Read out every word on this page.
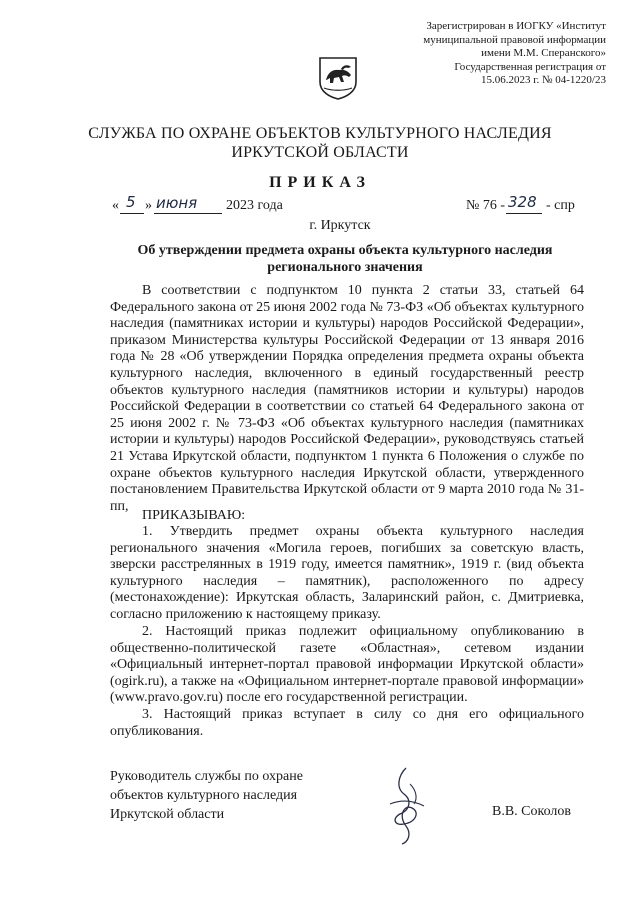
Зарегистрирован в ИОГКУ «Институт
муниципальной правовой информации
имени М.М. Сперанского»
Государственная регистрация от
15.06.2023 г. № 04-1220/23
СЛУЖБА ПО ОХРАНЕ ОБЪЕКТОВ КУЛЬТУРНОГО НАСЛЕДИЯ
ИРКУТСКОЙ ОБЛАСТИ
ПРИКАЗ
« 5 » июня 2023 года	№ 76 - 328 - спр
г. Иркутск
Об утверждении предмета охраны объекта культурного наследия
регионального значения
В соответствии с подпунктом 10 пункта 2 статьи 33, статьей 64 Федерального закона от 25 июня 2002 года № 73-ФЗ «Об объектах культурного наследия (памятниках истории и культуры) народов Российской Федерации», приказом Министерства культуры Российской Федерации от 13 января 2016 года № 28 «Об утверждении Порядка определения предмета охраны объекта культурного наследия, включенного в единый государственный реестр объектов культурного наследия (памятников истории и культуры) народов Российской Федерации в соответствии со статьей 64 Федерального закона от 25 июня 2002 г. № 73-ФЗ «Об объектах культурного наследия (памятниках истории и культуры) народов Российской Федерации», руководствуясь статьей 21 Устава Иркутской области, подпунктом 1 пункта 6 Положения о службе по охране объектов культурного наследия Иркутской области, утвержденного постановлением Правительства Иркутской области от 9 марта 2010 года № 31-пп,
ПРИКАЗЫВАЮ:
1. Утвердить предмет охраны объекта культурного наследия регионального значения «Могила героев, погибших за советскую власть, зверски расстрелянных в 1919 году, имеется памятник», 1919 г. (вид объекта культурного наследия – памятник), расположенного по адресу (местонахождение): Иркутская область, Заларинский район, с. Дмитриевка, согласно приложению к настоящему приказу.
2. Настоящий приказ подлежит официальному опубликованию в общественно-политической газете «Областная», сетевом издании «Официальный интернет-портал правовой информации Иркутской области» (ogirk.ru), а также на «Официальном интернет-портале правовой информации» (www.pravo.gov.ru) после его государственной регистрации.
3. Настоящий приказ вступает в силу со дня его официального опубликования.
Руководитель службы по охране
объектов культурного наследия
Иркутской области	В.В. Соколов
